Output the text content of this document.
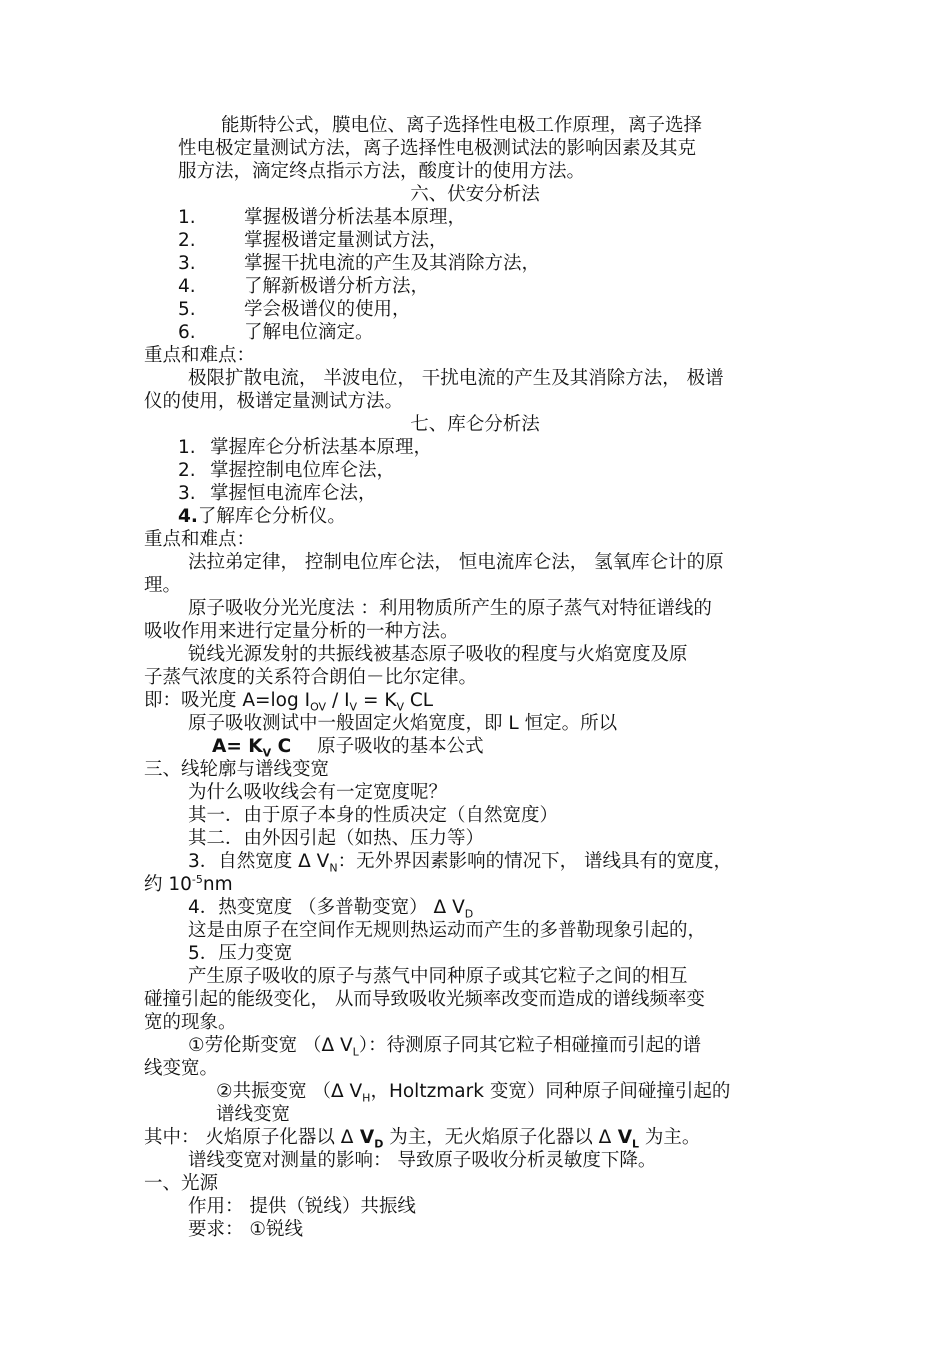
能斯特公式，膜电位、离子选择性电极工作原理，离子选择
性电极定量测试方法，离子选择性电极测试法的影响因素及其克
服方法，滴定终点指示方法，酸度计的使用方法。
六、伏安分析法
1.	掌握极谱分析法基本原理，
2.	掌握极谱定量测试方法，
3.	掌握干扰电流的产生及其消除方法，
4.	了解新极谱分析方法，
5.	学会极谱仪的使用，
6.	了解电位滴定。
重点和难点：
极限扩散电流， 半波电位， 干扰电流的产生及其消除方法， 极谱
仪的使用，极谱定量测试方法。
七、库仑分析法
1. 掌握库仑分析法基本原理，
2. 掌握控制电位库仑法，
3. 掌握恒电流库仑法，
4.了解库仑分析仪。
重点和难点：
法拉弟定律， 控制电位库仑法， 恒电流库仑法， 氢氧库仑计的原
理。
原子吸收分光光度法 ：利用物质所产生的原子蒸气对特征谱线的
吸收作用来进行定量分析的一种方法。
锐线光源发射的共振线被基态原子吸收的程度与火焰宽度及原
子蒸气浓度的关系符合朗伯－比尔定律。
即：吸光度 A=log $I_{OV} / I_V = K_V$ CL
原子吸收测试中一般固定火焰宽度，即 L 恒定。所以
$A= K_V$ C 原子吸收的基本公式
三、线轮廓与谱线变宽
为什么吸收线会有一定宽度呢？
其一．由于原子本身的性质决定（自然宽度）
其二．由外因引起（如热、压力等）
3．自然宽度 Δ $V_N$：无外界因素影响的情况下， 谱线具有的宽度，
约 $10^{-5}nm$
4．热变宽度 （多普勒变宽） Δ $V_D$
这是由原子在空间作无规则热运动而产生的多普勒现象引起的，
5．压力变宽
产生原子吸收的原子与蒸气中同种原子或其它粒子之间的相互
碰撞引起的能级变化， 从而导致吸收光频率改变而造成的谱线频率变
宽的现象。
①劳伦斯变宽 （Δ $V_L$）：待测原子同其它粒子相碰撞而引起的谱
线变宽。
②共振变宽 （Δ $V_H$，Holtzmark 变宽）同种原子间碰撞引起的
谱线变宽
其中： 火焰原子化器以 Δ $V_D$ 为主，无火焰原子化器以 Δ $V_L$ 为主。
谱线变宽对测量的影响： 导致原子吸收分析灵敏度下降。
一、光源
作用： 提供（锐线）共振线
要求： ①锐线
